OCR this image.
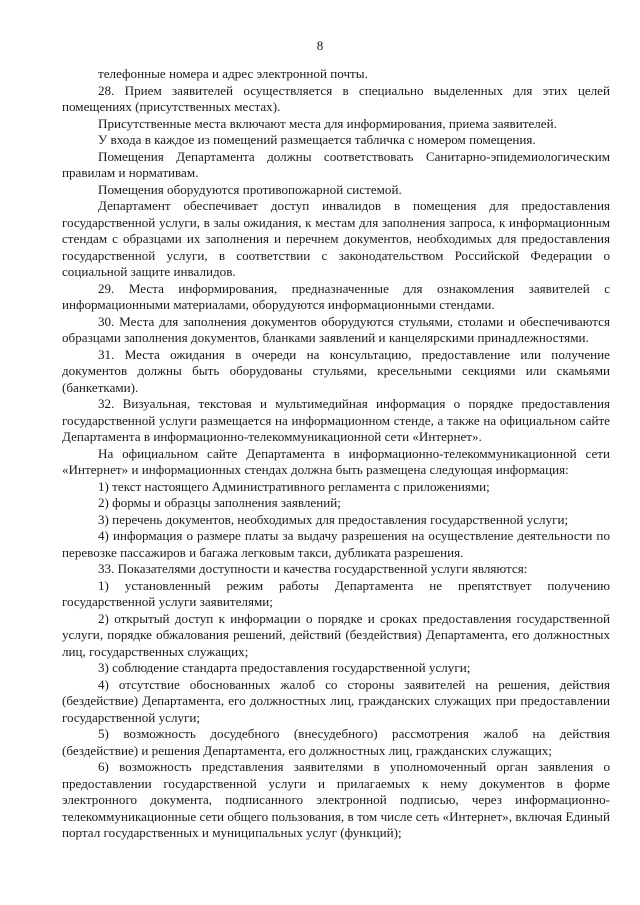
8

телефонные номера и адрес электронной почты.

28. Прием заявителей осуществляется в специально выделенных для этих целей помещениях (присутственных местах).

Присутственные места включают места для информирования, приема заявителей.

У входа в каждое из помещений размещается табличка с номером помещения.

Помещения Департамента должны соответствовать Санитарно-эпидемиологическим правилам и нормативам.

Помещения оборудуются противопожарной системой.

Департамент обеспечивает доступ инвалидов в помещения для предоставления государственной услуги, в залы ожидания, к местам для заполнения запроса, к информационным стендам с образцами их заполнения и перечнем документов, необходимых для предоставления государственной услуги, в соответствии с законодательством Российской Федерации о социальной защите инвалидов.

29. Места информирования, предназначенные для ознакомления заявителей с информационными материалами, оборудуются информационными стендами.

30. Места для заполнения документов оборудуются стульями, столами и обеспечиваются образцами заполнения документов, бланками заявлений и канцелярскими принадлежностями.

31. Места ожидания в очереди на консультацию, предоставление или получение документов должны быть оборудованы стульями, кресельными секциями или скамьями (банкетками).

32. Визуальная, текстовая и мультимедийная информация о порядке предоставления государственной услуги размещается на информационном стенде, а также на официальном сайте Департамента в информационно-телекоммуникационной сети «Интернет».

На официальном сайте Департамента в информационно-телекоммуникационной сети «Интернет» и информационных стендах должна быть размещена следующая информация:

1) текст настоящего Административного регламента с приложениями;

2) формы и образцы заполнения заявлений;

3) перечень документов, необходимых для предоставления государственной услуги;

4) информация о размере платы за выдачу разрешения на осуществление деятельности по перевозке пассажиров и багажа легковым такси, дубликата разрешения.

33. Показателями доступности и качества государственной услуги являются:

1) установленный режим работы Департамента не препятствует получению государственной услуги заявителями;

2) открытый доступ к информации о порядке и сроках предоставления государственной услуги, порядке обжалования решений, действий (бездействия) Департамента, его должностных лиц, государственных служащих;

3) соблюдение стандарта предоставления государственной услуги;

4) отсутствие обоснованных жалоб со стороны заявителей на решения, действия (бездействие) Департамента, его должностных лиц, гражданских служащих при предоставлении государственной услуги;

5) возможность досудебного (внесудебного) рассмотрения жалоб на действия (бездействие) и решения Департамента, его должностных лиц, гражданских служащих;

6) возможность представления заявителями в уполномоченный орган заявления о предоставлении государственной услуги и прилагаемых к нему документов в форме электронного документа, подписанного электронной подписью, через информационно-телекоммуникационные сети общего пользования, в том числе сеть «Интернет», включая Единый портал государственных и муниципальных услуг (функций);
